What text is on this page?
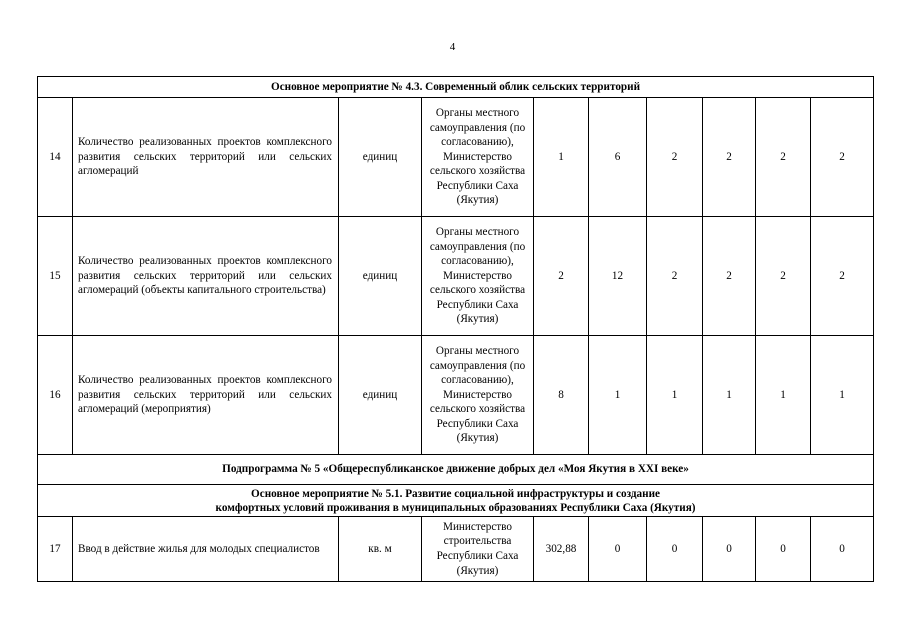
4
Основное мероприятие № 4.3. Современный облик сельских территорий									
14	Количество реализованных проектов комплексного развития сельских территорий или сельских агломераций	единиц	Органы местного самоуправления (по согласованию), Министерство сельского хозяйства Республики Саха (Якутия)	1	6	2	2	2	2
15	Количество реализованных проектов комплексного развития сельских территорий или сельских агломераций (объекты капитального строительства)	единиц	Органы местного самоуправления (по согласованию), Министерство сельского хозяйства Республики Саха (Якутия)	2	12	2	2	2	2
16	Количество реализованных проектов комплексного развития сельских территорий или сельских агломераций (мероприятия)	единиц	Органы местного самоуправления (по согласованию), Министерство сельского хозяйства Республики Саха (Якутия)	8	1	1	1	1	1
Подпрограмма № 5 «Общереспубликанское движение добрых дел «Моя Якутия в XXI веке»									
Основное мероприятие № 5.1. Развитие социальной инфраструктуры и создание
комфортных условий проживания в муниципальных образованиях Республики Саха (Якутия)									
17	Ввод в действие жилья для молодых специалистов	кв. м	Министерство строительства Республики Саха (Якутия)	302,88	0	0	0	0	0
